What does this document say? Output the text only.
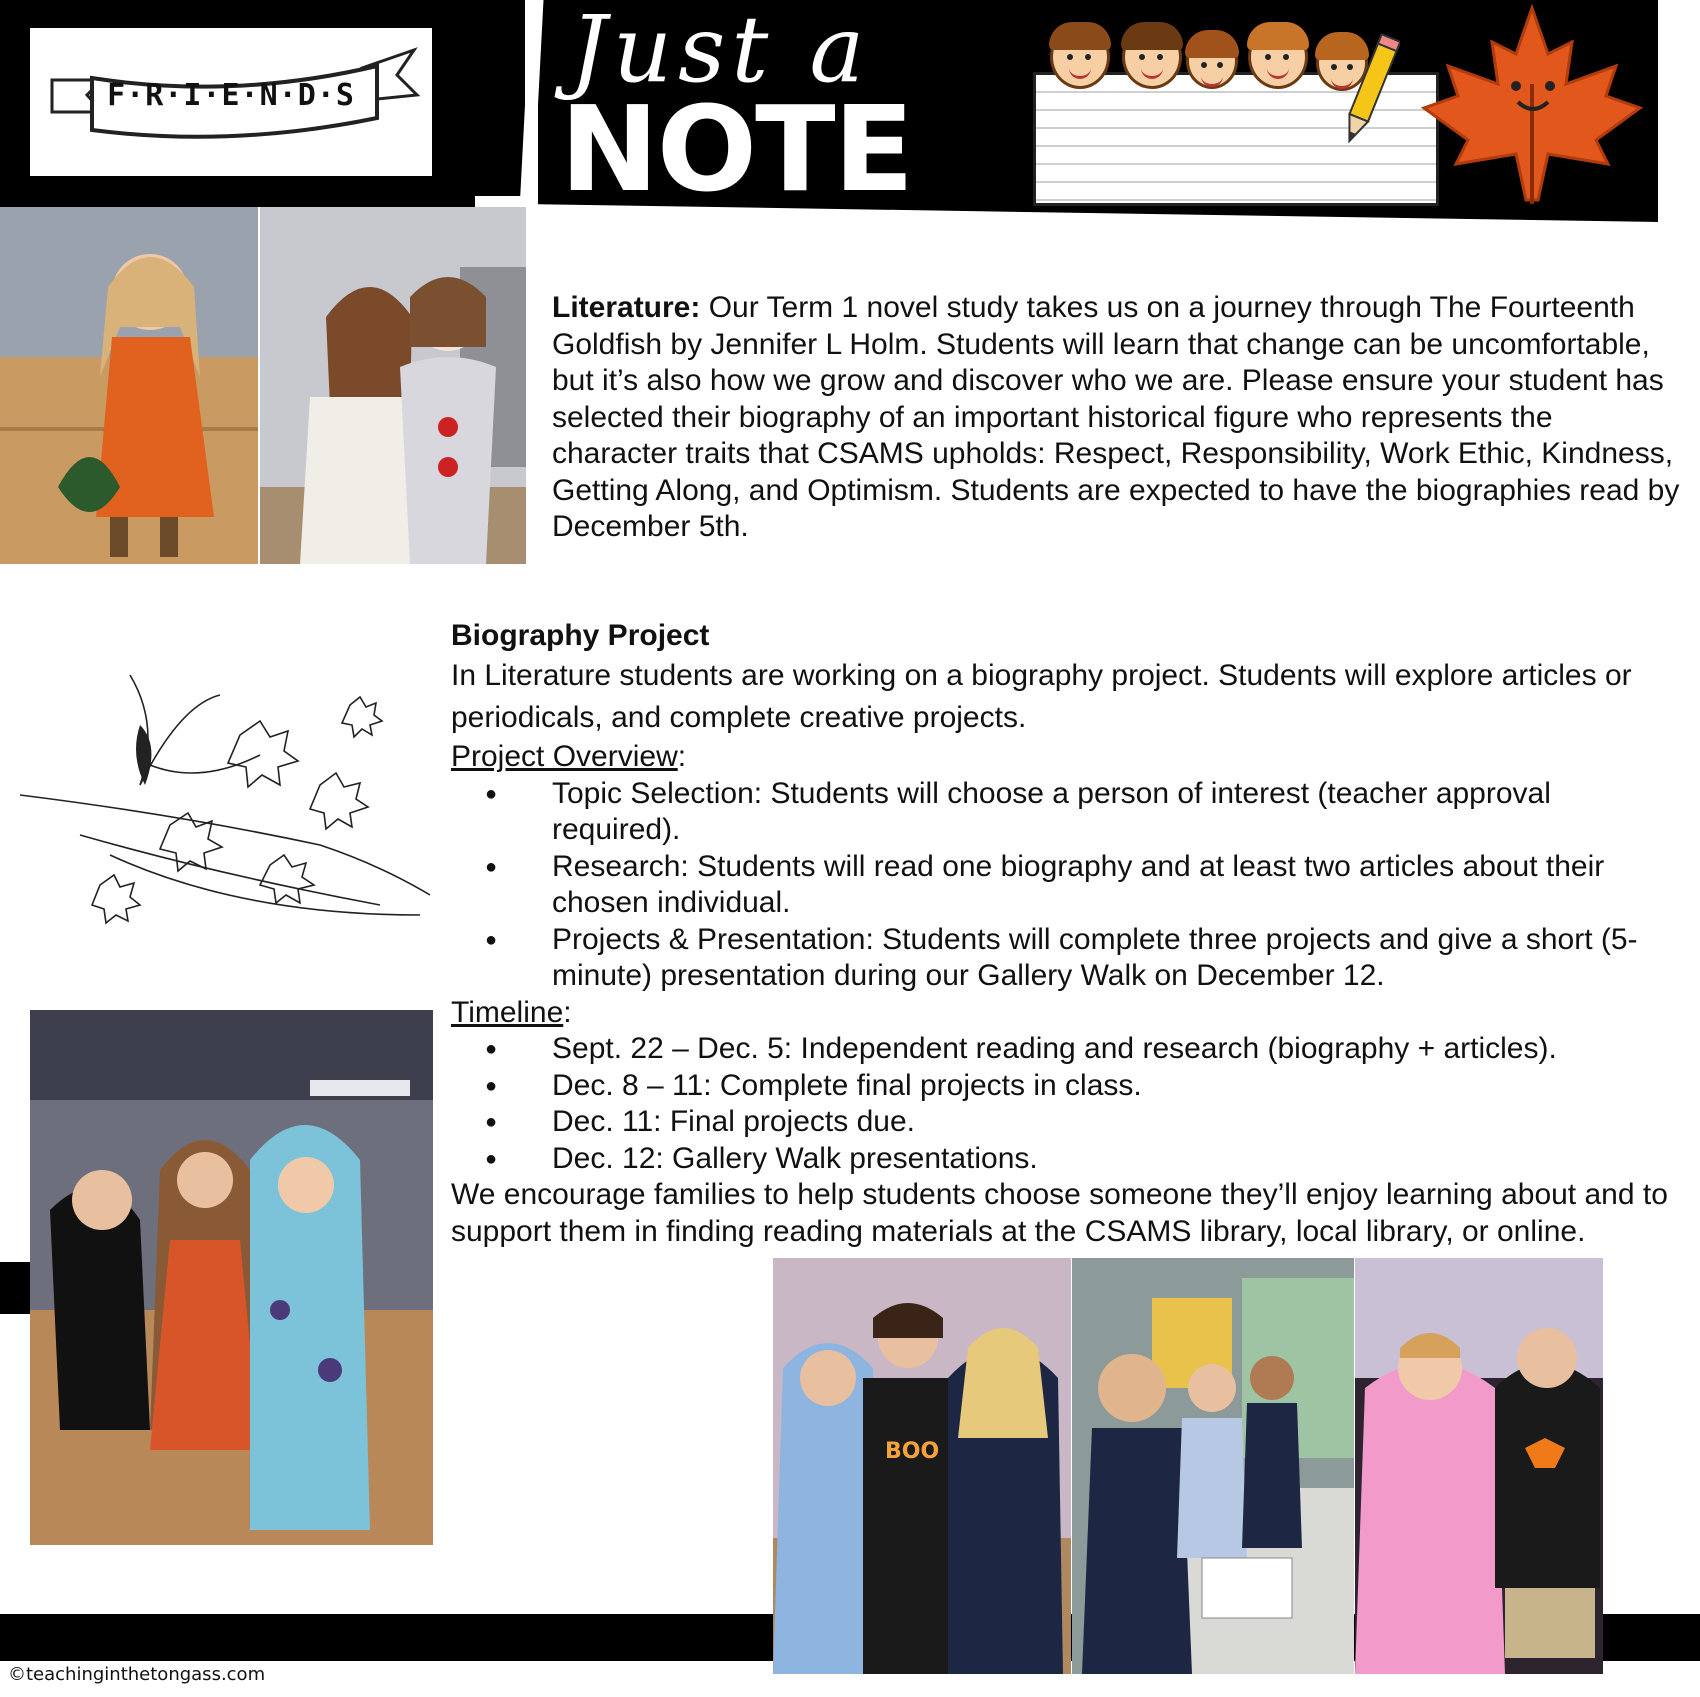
F·R·I·E·N·D·S	Just a
NOTE
Literature: Our Term 1 novel study takes us on a journey through The Fourteenth Goldfish by Jennifer L Holm. Students will learn that change can be uncomfortable, but it’s also how we grow and discover who we are. Please ensure your student has selected their biography of an important historical figure who represents the character traits that CSAMS upholds: Respect, Responsibility, Work Ethic, Kindness, Getting Along, and Optimism. Students are expected to have the biographies read by December 5th.
Biography Project

In Literature students are working on a biography project. Students will explore articles or periodicals, and complete creative projects.

Project Overview:
● Topic Selection: Students will choose a person of interest (teacher approval required).
● Research: Students will read one biography and at least two articles about their chosen individual.
● Projects & Presentation: Students will complete three projects and give a short (5-minute) presentation during our Gallery Walk on December 12.
Timeline:
● Sept. 22 – Dec. 5: Independent reading and research (biography + articles).
● Dec. 8 – 11: Complete final projects in class.
● Dec. 11: Final projects due.
● Dec. 12: Gallery Walk presentations.
We encourage families to help students choose someone they’ll enjoy learning about and to support them in finding reading materials at the CSAMS library, local library, or online.
BOO
©teachinginthetongass.com
